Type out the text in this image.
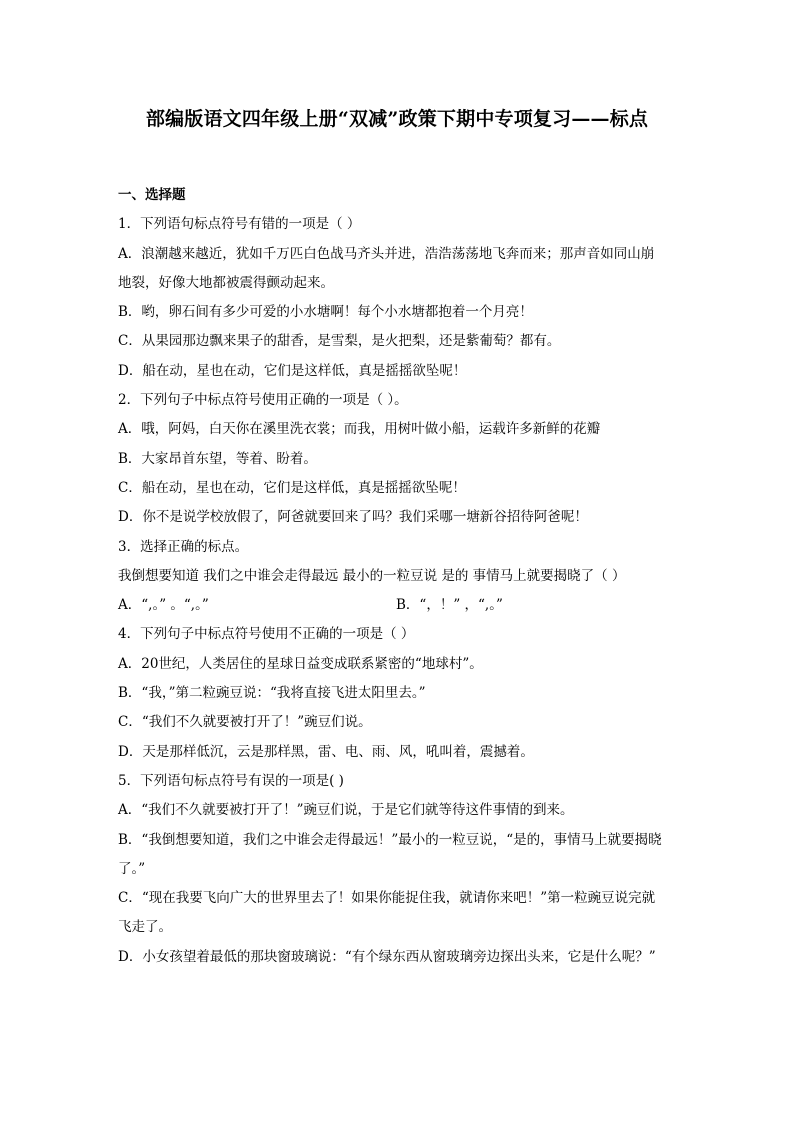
部编版语文四年级上册“双减”政策下期中专项复习——标点
一、选择题
1．下列语句标点符号有错的一项是（ ）
A．浪潮越来越近，犹如千万匹白色战马齐头并进，浩浩荡荡地飞奔而来；那声音如同山崩
地裂，好像大地都被震得颤动起来。
B．哟，卵石间有多少可爱的小水塘啊！每个小水塘都抱着一个月亮！
C．从果园那边飘来果子的甜香，是雪梨，是火把梨，还是紫葡萄？都有。
D．船在动，星也在动，它们是这样低，真是摇摇欲坠呢！
2．下列句子中标点符号使用正确的一项是（ ）。
A．哦，阿妈，白天你在溪里洗衣裳；而我，用树叶做小船，运载许多新鲜的花瓣
B．大家昂首东望，等着、盼着。
C．船在动，星也在动，它们是这样低，真是摇摇欲坠呢！
D．你不是说学校放假了，阿爸就要回来了吗？我们采哪一塘新谷招待阿爸呢！
3．选择正确的标点。
我倒想要知道 我们之中谁会走得最远 最小的一粒豆说 是的 事情马上就要揭晓了（ ）
A．“,。” 。“,。”	B．“，！” ，“,。”
4．下列句子中标点符号使用不正确的一项是（ ）
A．20世纪，人类居住的星球日益变成联系紧密的“地球村”。
B．“我，”第二粒豌豆说：“我将直接飞进太阳里去。”
C．“我们不久就要被打开了！”豌豆们说。
D．天是那样低沉，云是那样黑，雷、电、雨、风，吼叫着，震撼着。
5．下列语句标点符号有误的一项是( )
A．“我们不久就要被打开了！”豌豆们说，于是它们就等待这件事情的到来。
B．“我倒想要知道，我们之中谁会走得最远！”最小的一粒豆说，“是的，事情马上就要揭晓
了。”
C．“现在我要飞向广大的世界里去了！如果你能捉住我，就请你来吧！”第一粒豌豆说完就
飞走了。
D．小女孩望着最低的那块窗玻璃说：“有个绿东西从窗玻璃旁边探出头来，它是什么呢？”
